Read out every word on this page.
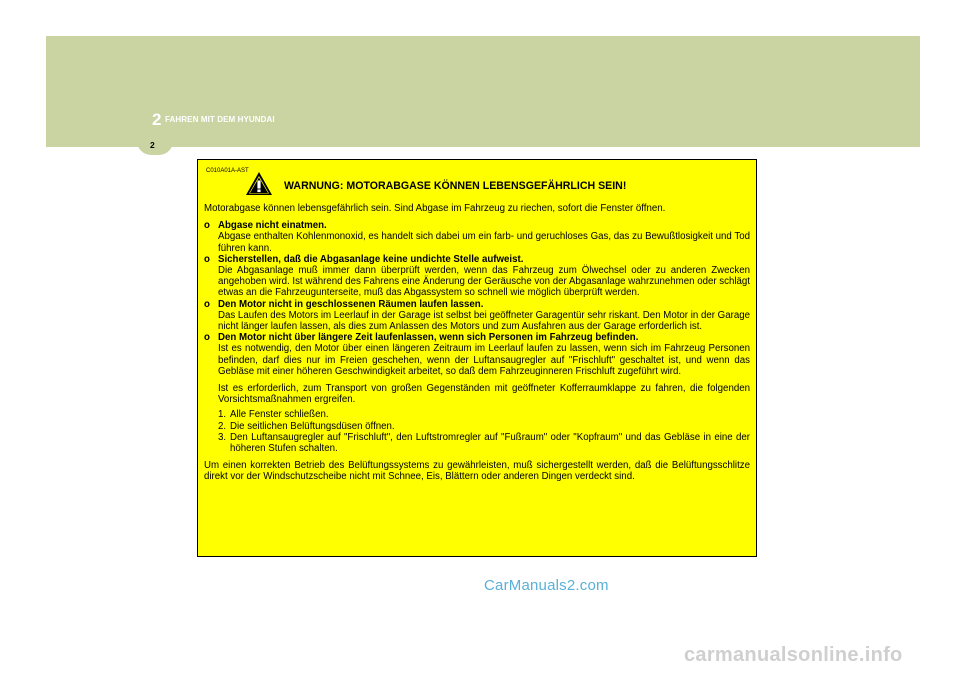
2 FAHREN MIT DEM HYUNDAI
2
C010A01A-AST
WARNUNG: MOTORABGASE KÖNNEN LEBENSGEFÄHRLICH SEIN!

Motorabgase können lebensgefährlich sein. Sind Abgase im Fahrzeug zu riechen, sofort die Fenster öffnen.

o Abgase nicht einatmen.
Abgase enthalten Kohlenmonoxid, es handelt sich dabei um ein farb- und geruchloses Gas, das zu Bewußtlosigkeit und Tod führen kann.
o Sicherstellen, daß die Abgasanlage keine undichte Stelle aufweist.
Die Abgasanlage muß immer dann überprüft werden, wenn das Fahrzeug zum Ölwechsel oder zu anderen Zwecken angehoben wird. Ist während des Fahrens eine Änderung der Geräusche von der Abgasanlage wahrzunehmen oder schlägt etwas an die Fahrzeugunterseite, muß das Abgassystem so schnell wie möglich überprüft werden.
o Den Motor nicht in geschlossenen Räumen laufen lassen.
Das Laufen des Motors im Leerlauf in der Garage ist selbst bei geöffneter Garagentür sehr riskant. Den Motor in der Garage nicht länger laufen lassen, als dies zum Anlassen des Motors und zum Ausfahren aus der Garage erforderlich ist.
o Den Motor nicht über längere Zeit laufenlassen, wenn sich Personen im Fahrzeug befinden.
Ist es notwendig, den Motor über einen längeren Zeitraum im Leerlauf laufen zu lassen, wenn sich im Fahrzeug Personen befinden, darf dies nur im Freien geschehen, wenn der Luftansaugregler auf "Frischluft" geschaltet ist, und wenn das Gebläse mit einer höheren Geschwindigkeit arbeitet, so daß dem Fahrzeuginneren Frischluft zugeführt wird.

Ist es erforderlich, zum Transport von großen Gegenständen mit geöffneter Kofferraumklappe zu fahren, die folgenden Vorsichtsmaßnahmen ergreifen.

1. Alle Fenster schließen.
2. Die seitlichen Belüftungsdüsen öffnen.
3. Den Luftansaugregler auf "Frischluft", den Luftstromregler auf "Fußraum" oder "Kopfraum" und das Gebläse in eine der höheren Stufen schalten.

Um einen korrekten Betrieb des Belüftungssystems zu gewährleisten, muß sichergestellt werden, daß die Belüftungsschlitze direkt vor der Windschutzscheibe nicht mit Schnee, Eis, Blättern oder anderen Dingen verdeckt sind.

CarManuals2.com
carmanualsonline.info
